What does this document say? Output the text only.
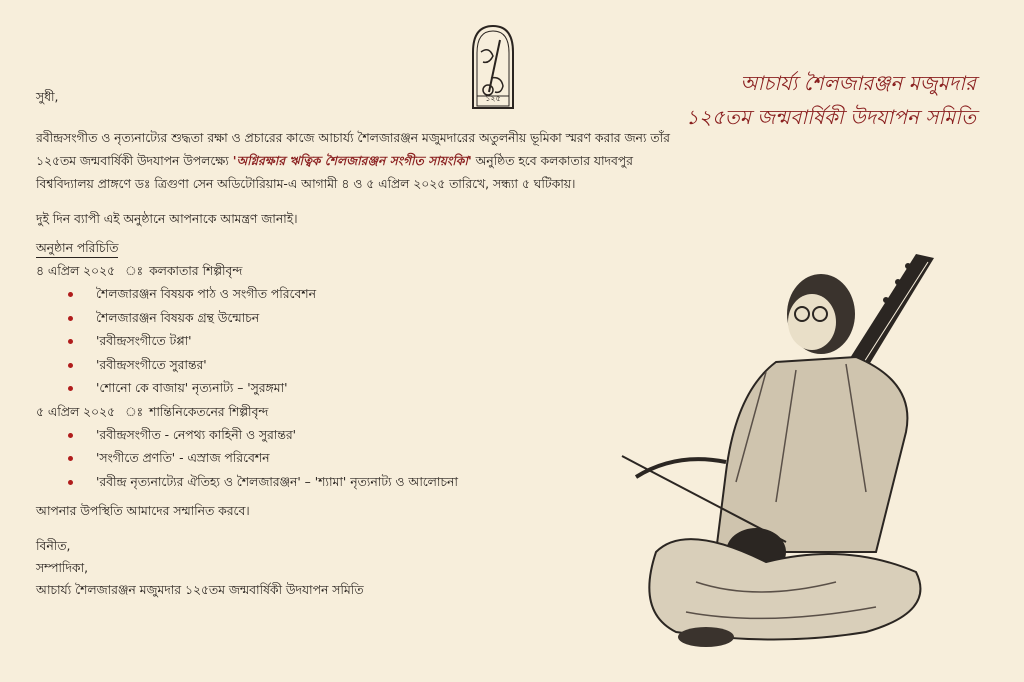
১২৫
আচার্য্য শৈলজারঞ্জন মজুমদার
১২৫তম জন্মবার্ষিকী উদযাপন সমিতি

সুধী,

রবীন্দ্রসংগীত ও নৃত্যনাট্যের শুদ্ধতা রক্ষা ও প্রচারের কাজে আচার্য্য শৈলজারঞ্জন মজুমদারের অতুলনীয় ভূমিকা স্মরণ করার জন্য তাঁর ১২৫তম জন্মবার্ষিকী উদযাপন উপলক্ষ্যে 'অগ্নিরক্ষার ঋত্বিক শৈলজারঞ্জন সংগীত সায়ংকিা' অনুষ্ঠিত হবে কলকাতার যাদবপুর বিশ্ববিদ্যালয় প্রাঙ্গণে ডঃ ত্রিগুণা সেন অডিটোরিয়াম-এ আগামী ৪ ও ৫ এপ্রিল ২০২৫ তারিখে, সন্ধ্যা ৫ ঘটিকায়।

দুই দিন ব্যাপী এই অনুষ্ঠানে আপনাকে আমন্ত্রণ জানাই।

অনুষ্ঠান পরিচিতি

৪ এপ্রিল ২০২৫ ঃ কলকাতার শিল্পীবৃন্দ

শৈলজারঞ্জন বিষয়ক পাঠ ও সংগীত পরিবেশন
শৈলজারঞ্জন বিষয়ক গ্রন্থ উন্মোচন
'রবীন্দ্রসংগীতে টপ্পা'
'রবীন্দ্রসংগীতে সুরান্তর'
'শোনো কে বাজায়' নৃত্যনাট্য – 'সুরঙ্গমা'

৫ এপ্রিল ২০২৫ ঃ শান্তিনিকেতনের শিল্পীবৃন্দ

'রবীন্দ্রসংগীত - নেপথ্য কাহিনী ও সুরান্তর'
'সংগীতে প্রণতি' - এস্রাজ পরিবেশন
'রবীন্দ্র নৃত্যনাট্যের ঐতিহ্য ও শৈলজারঞ্জন' – 'শ্যামা' নৃত্যনাট্য ও আলোচনা

আপনার উপস্থিতি আমাদের সম্মানিত করবে।

বিনীত,

সম্পাদিকা,

আচার্য্য শৈলজারঞ্জন মজুমদার ১২৫তম জন্মবার্ষিকী উদযাপন সমিতি
